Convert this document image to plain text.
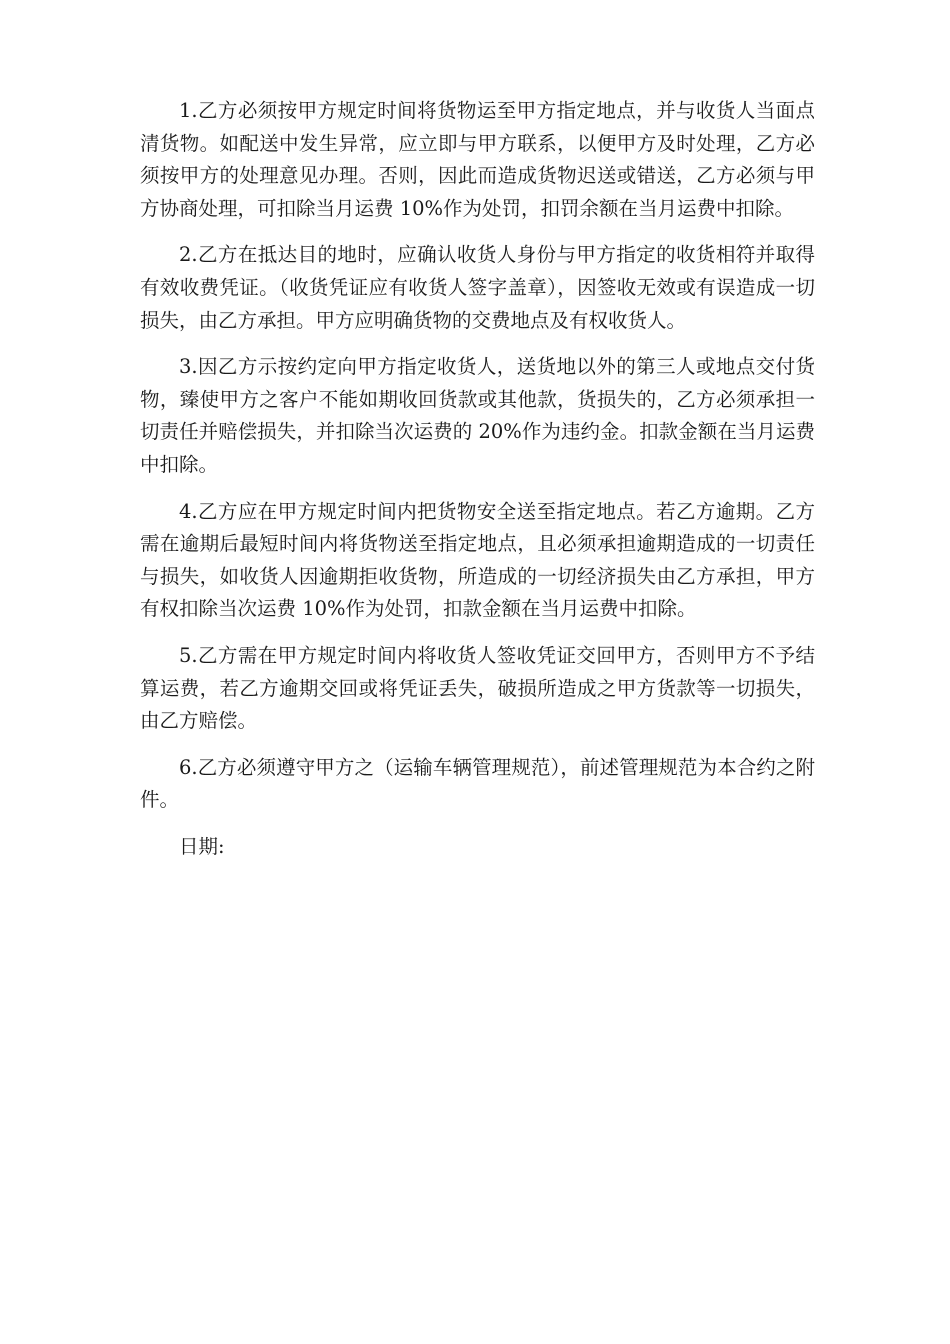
1.乙方必须按甲方规定时间将货物运至甲方指定地点，并与收货人当面点清货物。如配送中发生异常，应立即与甲方联系，以便甲方及时处理，乙方必须按甲方的处理意见办理。否则，因此而造成货物迟送或错送，乙方必须与甲方协商处理，可扣除当月运费 10%作为处罚，扣罚余额在当月运费中扣除。

2.乙方在抵达目的地时，应确认收货人身份与甲方指定的收货相符并取得有效收费凭证。（收货凭证应有收货人签字盖章），因签收无效或有误造成一切损失，由乙方承担。甲方应明确货物的交费地点及有权收货人。

3.因乙方示按约定向甲方指定收货人，送货地以外的第三人或地点交付货物，臻使甲方之客户不能如期收回货款或其他款，货损失的，乙方必须承担一切责任并赔偿损失，并扣除当次运费的 20%作为违约金。扣款金额在当月运费中扣除。

4.乙方应在甲方规定时间内把货物安全送至指定地点。若乙方逾期。乙方需在逾期后最短时间内将货物送至指定地点，且必须承担逾期造成的一切责任与损失，如收货人因逾期拒收货物，所造成的一切经济损失由乙方承担，甲方有权扣除当次运费 10%作为处罚，扣款金额在当月运费中扣除。

5.乙方需在甲方规定时间内将收货人签收凭证交回甲方，否则甲方不予结算运费，若乙方逾期交回或将凭证丢失，破损所造成之甲方货款等一切损失，由乙方赔偿。

6.乙方必须遵守甲方之（运输车辆管理规范），前述管理规范为本合约之附件。

日期:
